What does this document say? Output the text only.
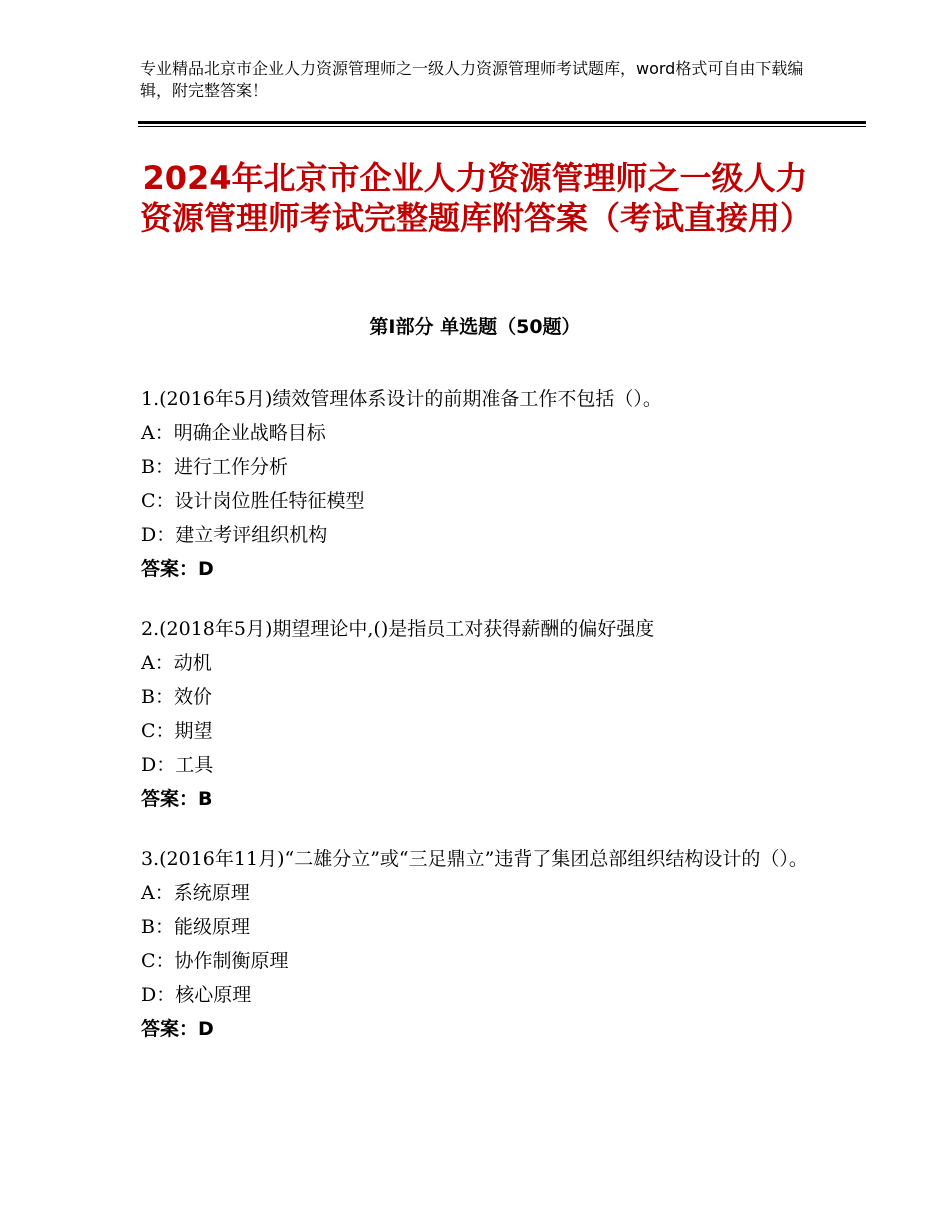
专业精品北京市企业人力资源管理师之一级人力资源管理师考试题库，word格式可自由下载编辑，附完整答案！
2024年北京市企业人力资源管理师之一级人力资源管理师考试完整题库附答案（考试直接用）
第Ⅰ部分 单选题（50题）
1.(2016年5月)绩效管理体系设计的前期准备工作不包括（）。
A：明确企业战略目标
B：进行工作分析
C：设计岗位胜任特征模型
D：建立考评组织机构
答案：D
2.(2018年5月)期望理论中,()是指员工对获得薪酬的偏好强度
A：动机
B：效价
C：期望
D：工具
答案：B
3.(2016年11月)“二雄分立”或“三足鼎立”违背了集团总部组织结构设计的（）。
A：系统原理
B：能级原理
C：协作制衡原理
D：核心原理
答案：D
